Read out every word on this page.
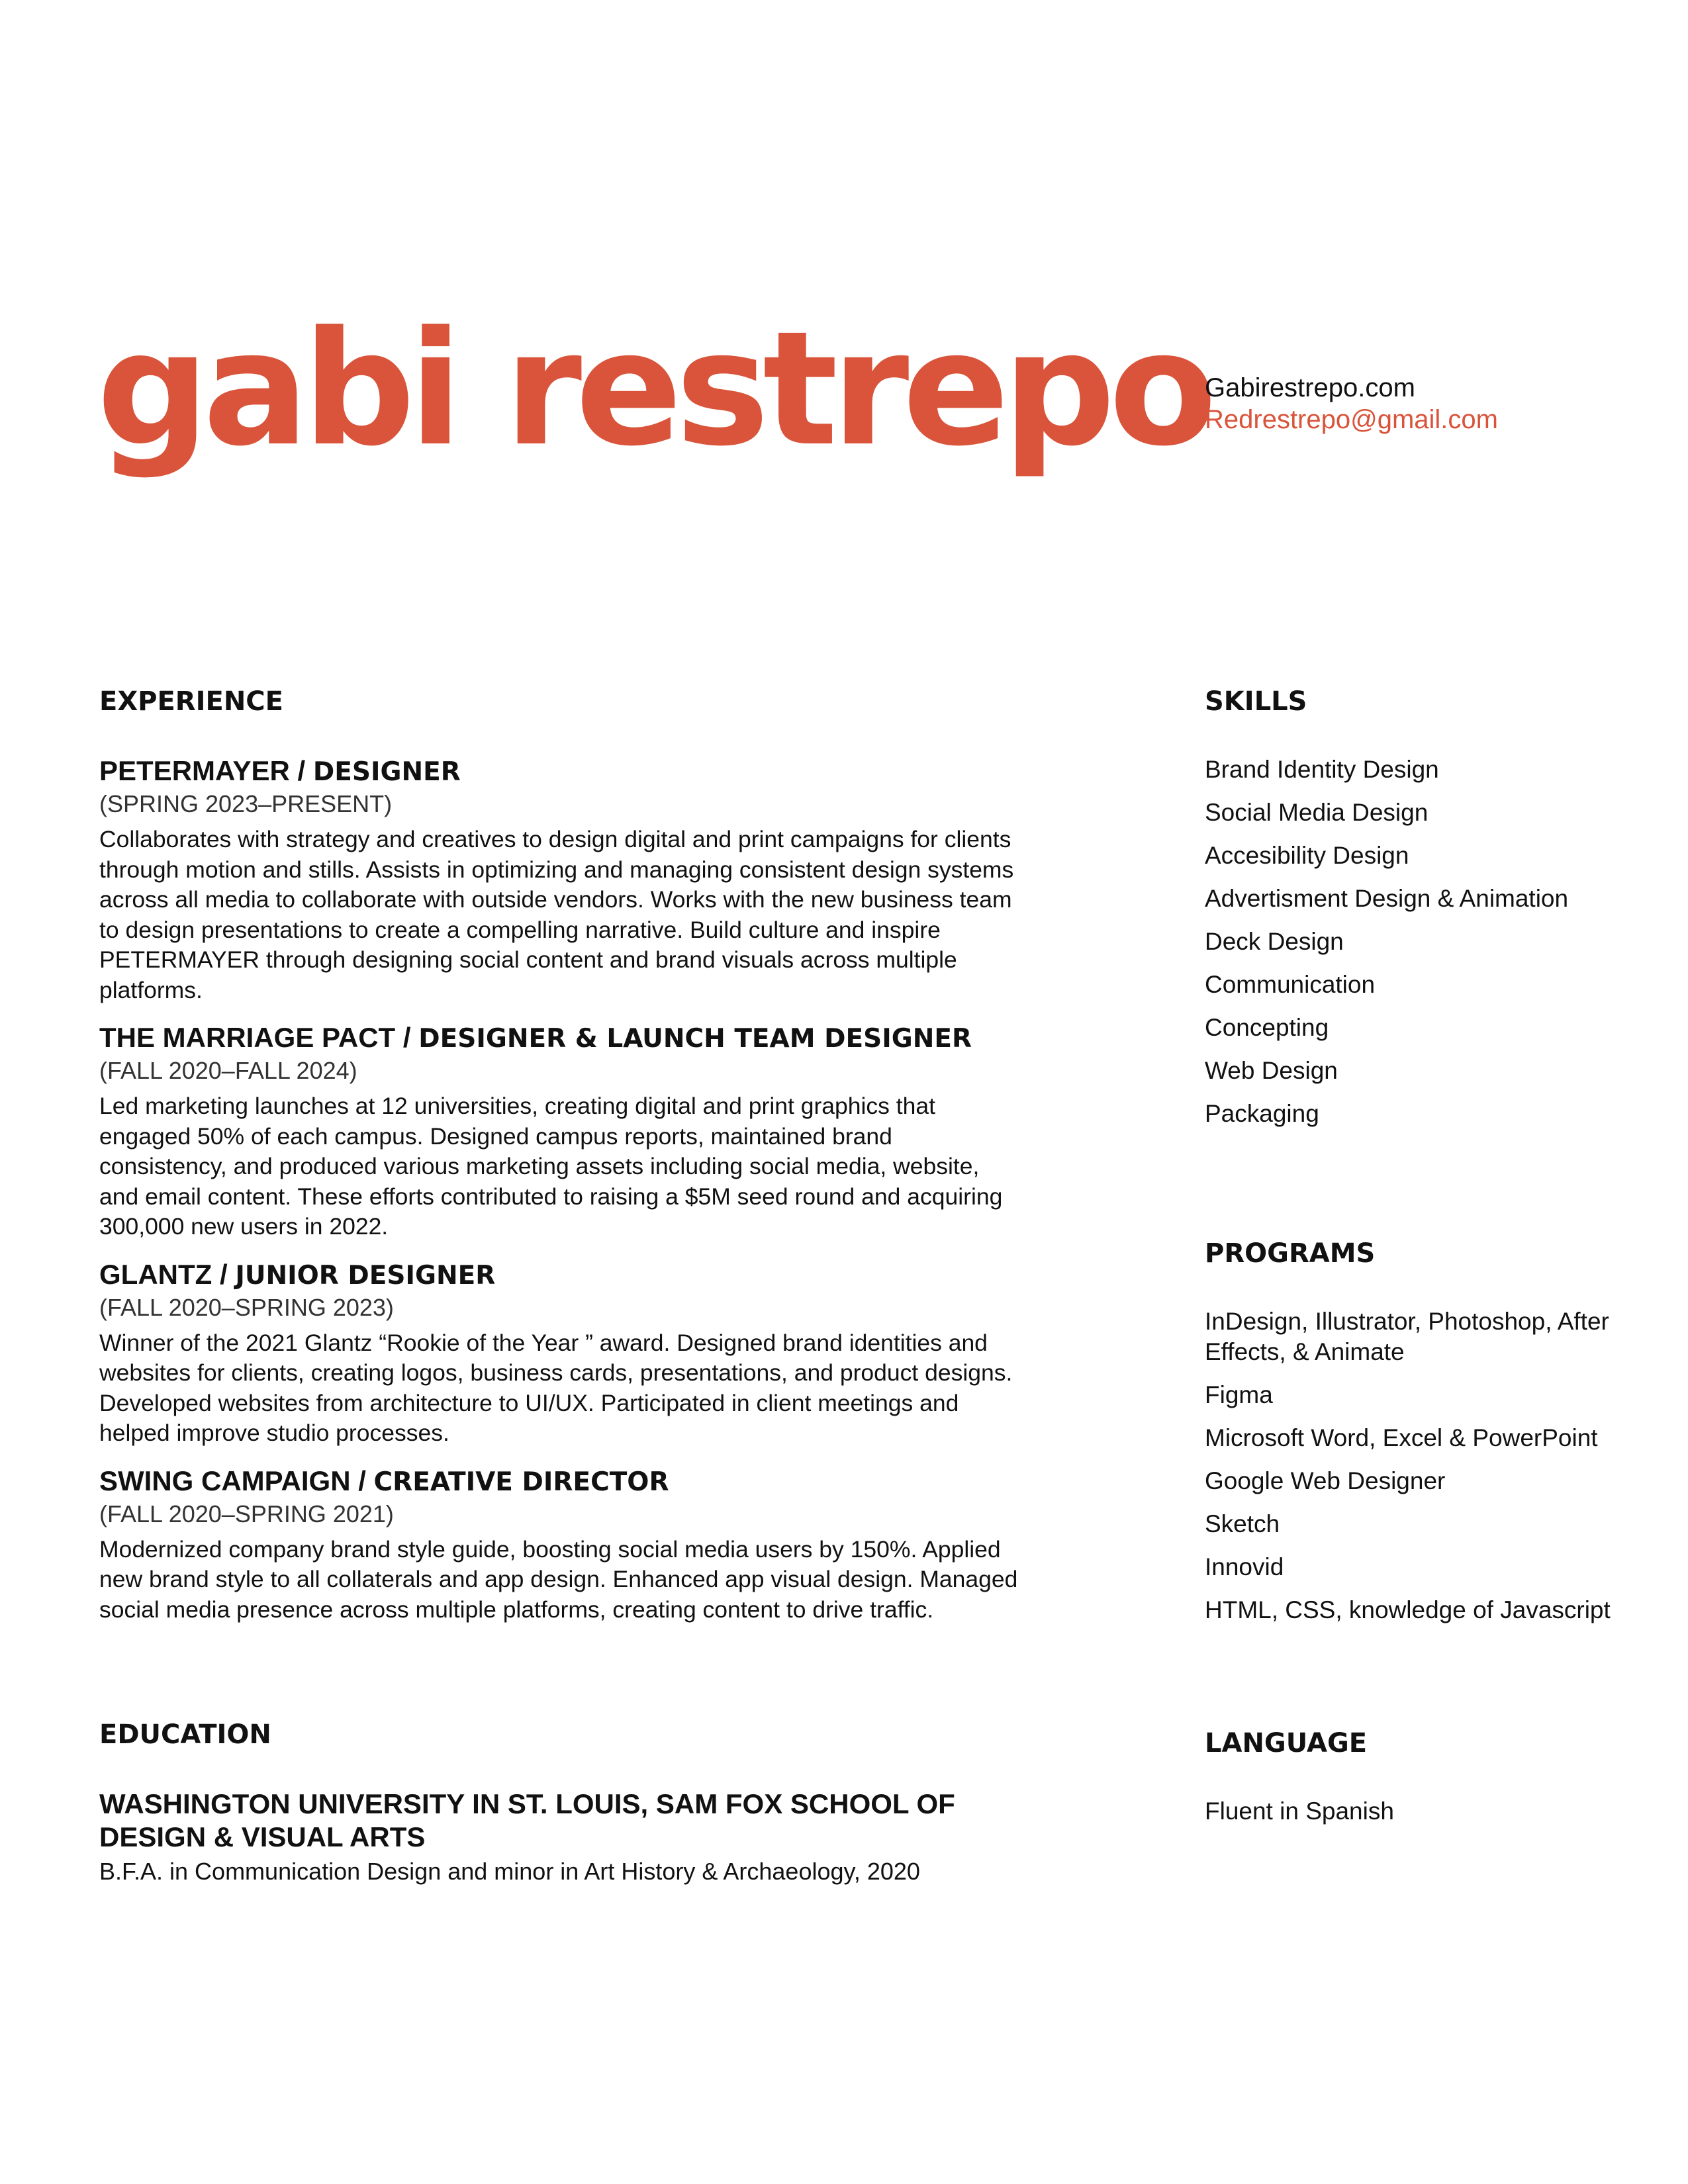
gabi restrepo
Gabirestrepo.com
Redrestrepo@gmail.com
EXPERIENCE
PETERMAYER / DESIGNER
(SPRING 2023–PRESENT)
Collaborates with strategy and creatives to design digital and print campaigns for clients through motion and stills. Assists in optimizing and managing consistent design systems across all media to collaborate with outside vendors. Works with the new business team to design presentations to create a compelling narrative. Build culture and inspire PETERMAYER through designing social content and brand visuals across multiple platforms.
THE MARRIAGE PACT / DESIGNER & LAUNCH TEAM DESIGNER
(FALL 2020–FALL 2024)
Led marketing launches at 12 universities, creating digital and print graphics that engaged 50% of each campus. Designed campus reports, maintained brand consistency, and produced various marketing assets including social media, website, and email content. These efforts contributed to raising a $5M seed round and acquiring 300,000 new users in 2022.
GLANTZ / JUNIOR DESIGNER
(FALL 2020–SPRING 2023)
Winner of the 2021 Glantz “Rookie of the Year ” award. Designed brand identities and websites for clients, creating logos, business cards, presentations, and product designs. Developed websites from architecture to UI/UX. Participated in client meetings and helped improve studio processes.
SWING CAMPAIGN / CREATIVE DIRECTOR
(FALL 2020–SPRING 2021)
Modernized company brand style guide, boosting social media users by 150%. Applied new brand style to all collaterals and app design. Enhanced app visual design. Managed social media presence across multiple platforms, creating content to drive traffic.
EDUCATION
WASHINGTON UNIVERSITY IN ST. LOUIS, SAM FOX SCHOOL OF DESIGN & VISUAL ARTS
B.F.A. in Communication Design and minor in Art History & Archaeology, 2020
SKILLS
Brand Identity Design
Social Media Design
Accesibility Design
Advertisment Design & Animation
Deck Design
Communication
Concepting
Web Design
Packaging
PROGRAMS
InDesign, Illustrator, Photoshop, After Effects, & Animate
Figma
Microsoft Word, Excel & PowerPoint
Google Web Designer
Sketch
Innovid
HTML, CSS, knowledge of Javascript
LANGUAGE
Fluent in Spanish
